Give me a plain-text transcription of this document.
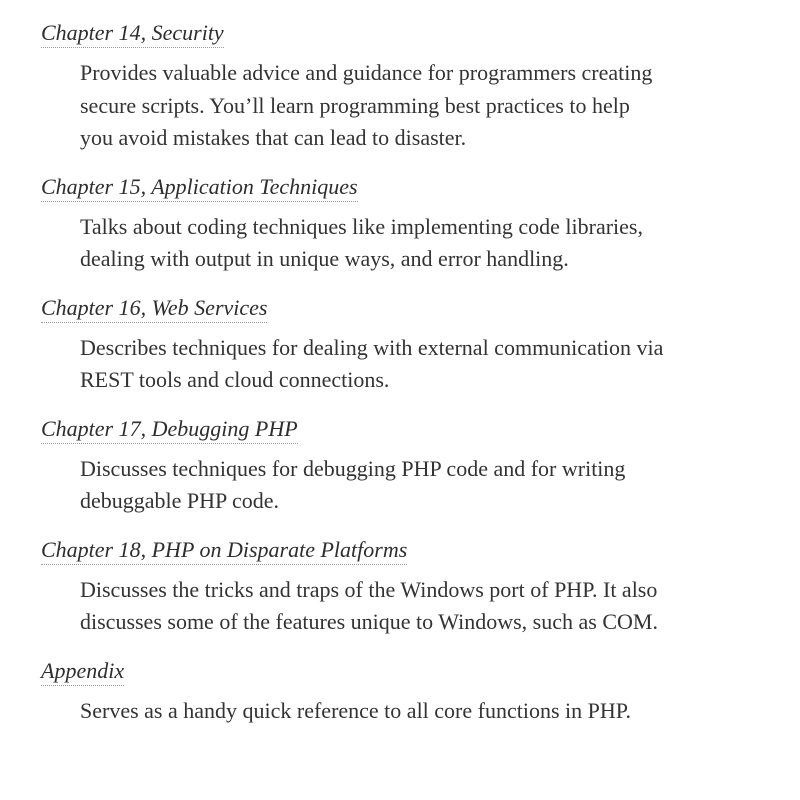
Chapter 14, Security
Provides valuable advice and guidance for programmers creating
secure scripts. You’ll learn programming best practices to help
you avoid mistakes that can lead to disaster.
Chapter 15, Application Techniques
Talks about coding techniques like implementing code libraries,
dealing with output in unique ways, and error handling.
Chapter 16, Web Services
Describes techniques for dealing with external communication via
REST tools and cloud connections.
Chapter 17, Debugging PHP
Discusses techniques for debugging PHP code and for writing
debuggable PHP code.
Chapter 18, PHP on Disparate Platforms
Discusses the tricks and traps of the Windows port of PHP. It also
discusses some of the features unique to Windows, such as COM.
Appendix
Serves as a handy quick reference to all core functions in PHP.
